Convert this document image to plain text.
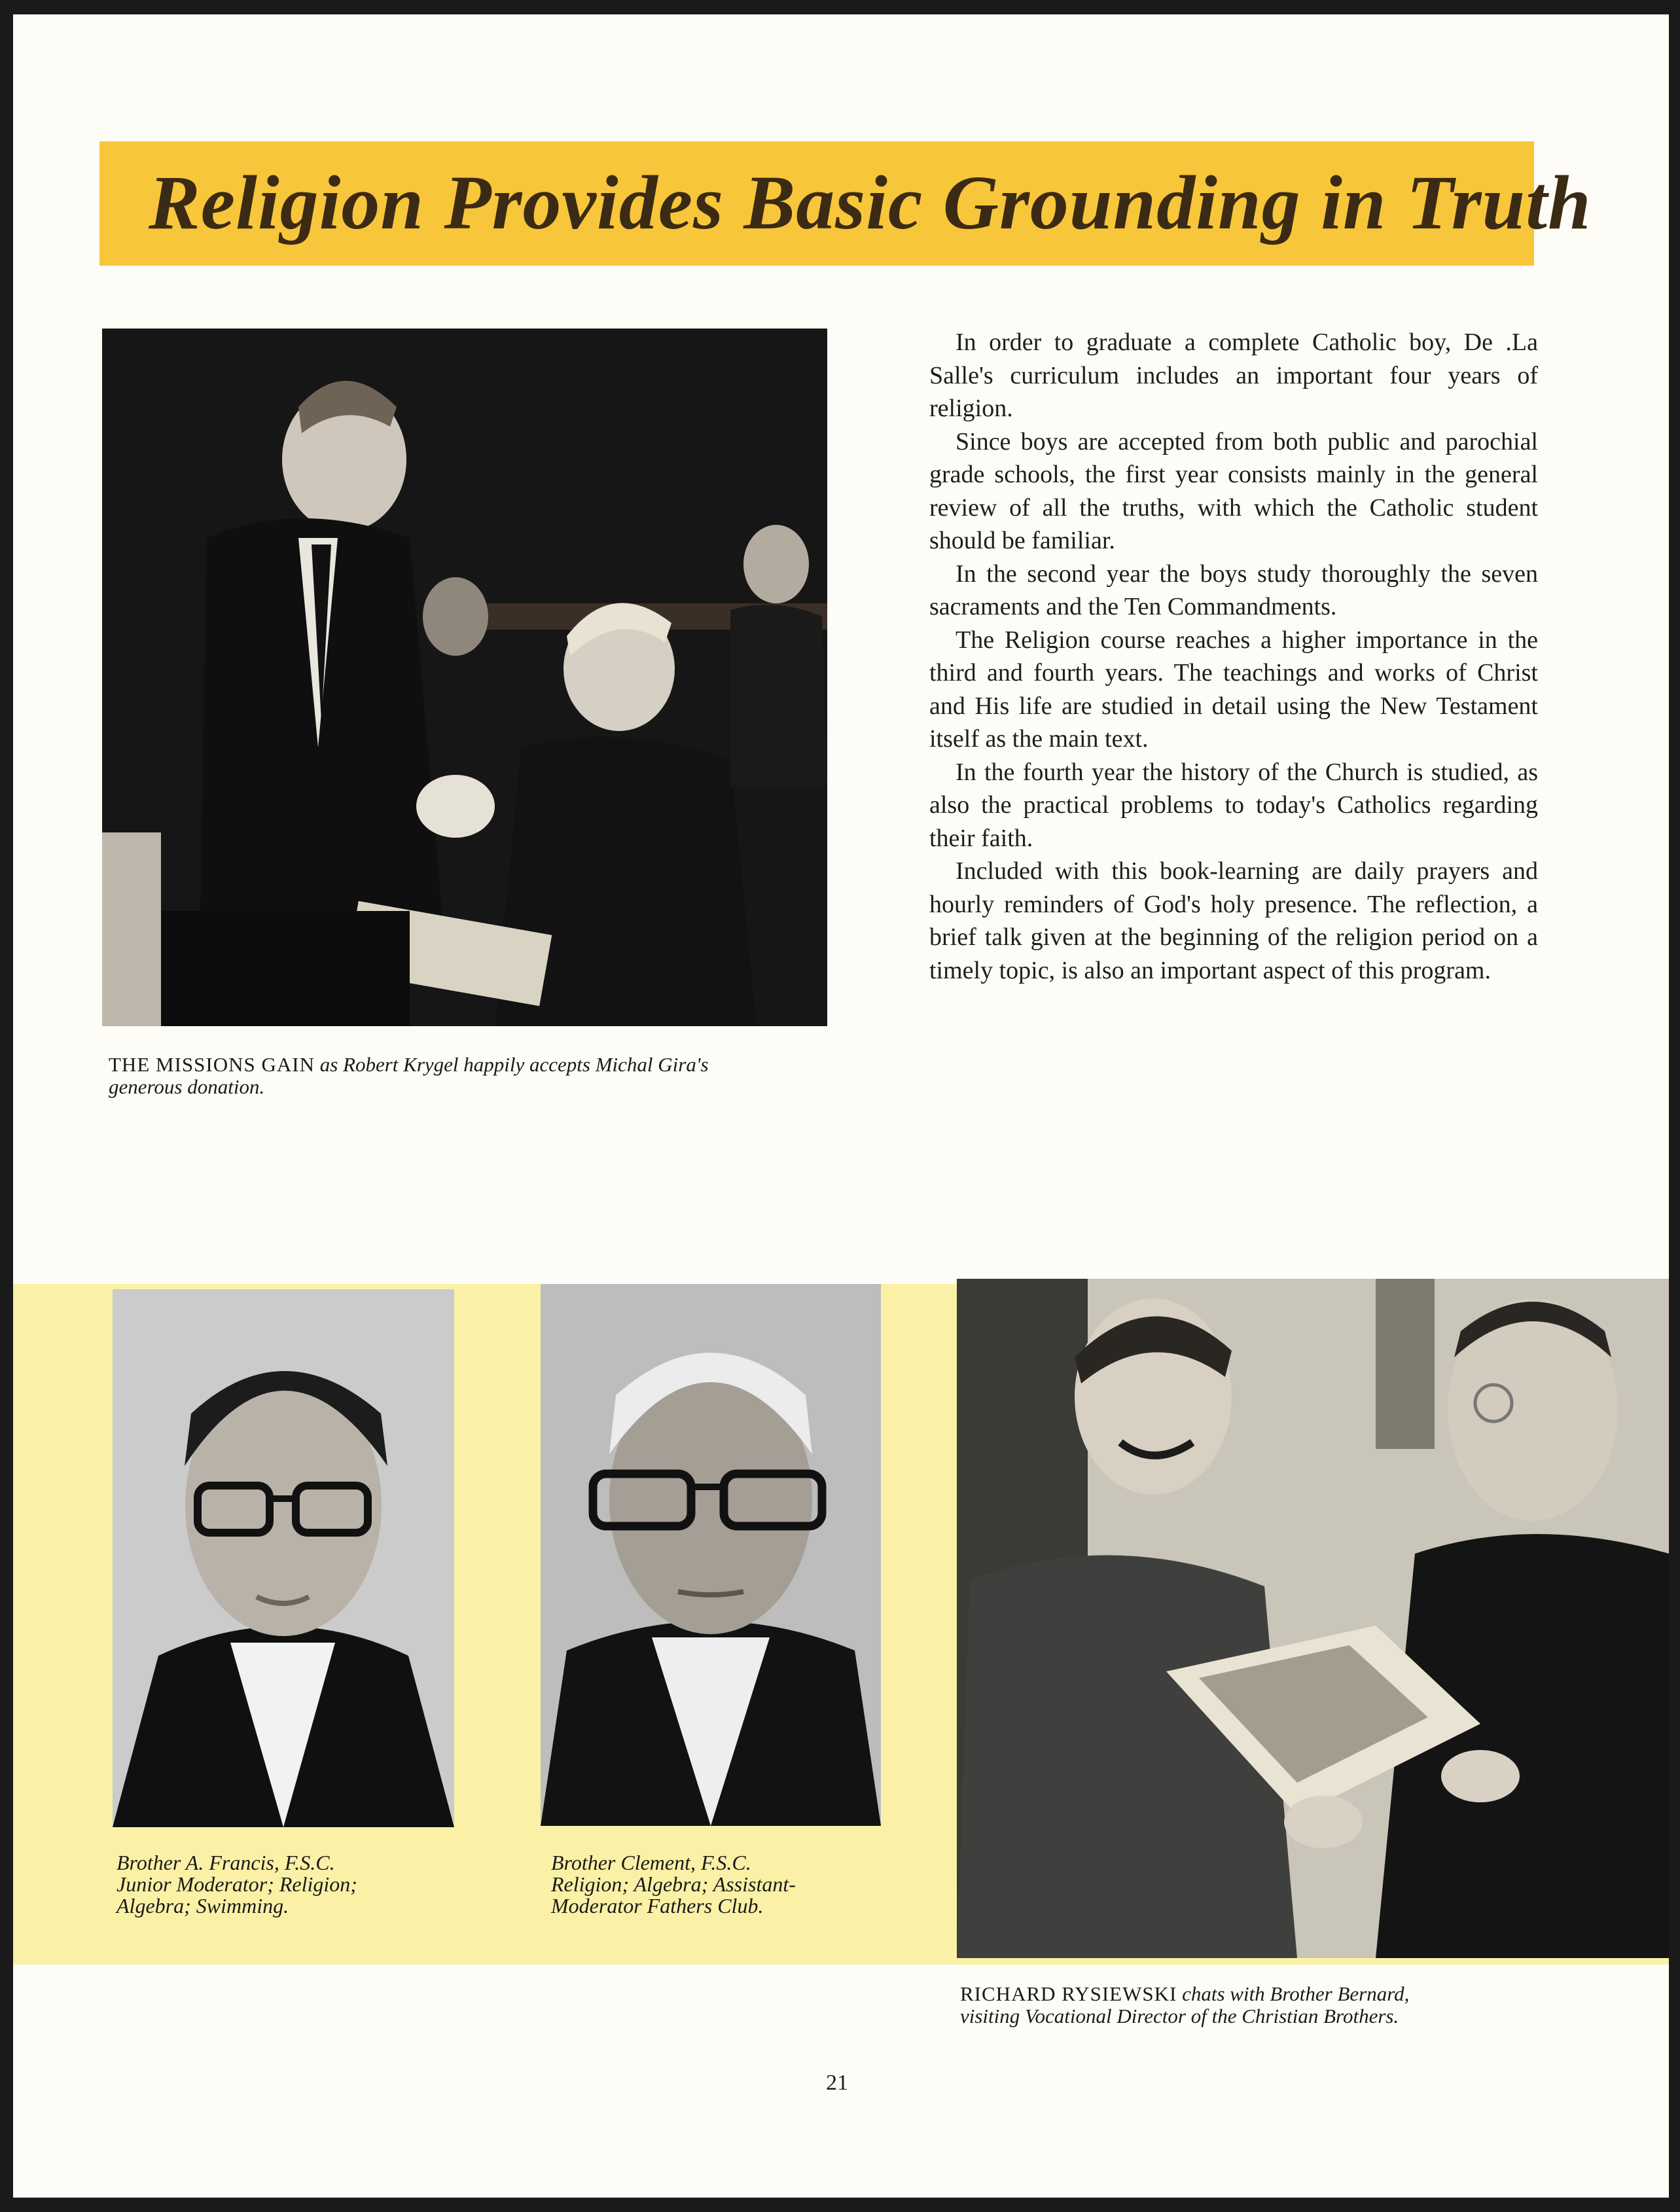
Religion Provides Basic Grounding in Truth

THE MISSIONS GAIN as Robert Krygel happily accepts Michal Gira's
generous donation.

In order to graduate a complete Catholic boy, De .La Salle's curriculum includes an important four years of religion.

Since boys are accepted from both public and parochial grade schools, the first year consists mainly in the general review of all the truths, with which the Catholic student should be familiar.

In the second year the boys study thoroughly the seven sacraments and the Ten Commandments.

The Religion course reaches a higher importance in the third and fourth years. The teachings and works of Christ and His life are studied in detail using the New Testament itself as the main text.

In the fourth year the history of the Church is studied, as also the practical problems to today's Catholics regarding their faith.

Included with this book-learning are daily prayers and hourly reminders of God's holy presence. The reflection, a brief talk given at the beginning of the religion period on a timely topic, is also an important aspect of this program.

Brother A. Francis, F.S.C.
Junior Moderator; Religion;
Algebra; Swimming.

Brother Clement, F.S.C.
Religion; Algebra; Assistant-
Moderator Fathers Club.

RICHARD RYSIEWSKI chats with Brother Bernard,
visiting Vocational Director of the Christian Brothers.

21
